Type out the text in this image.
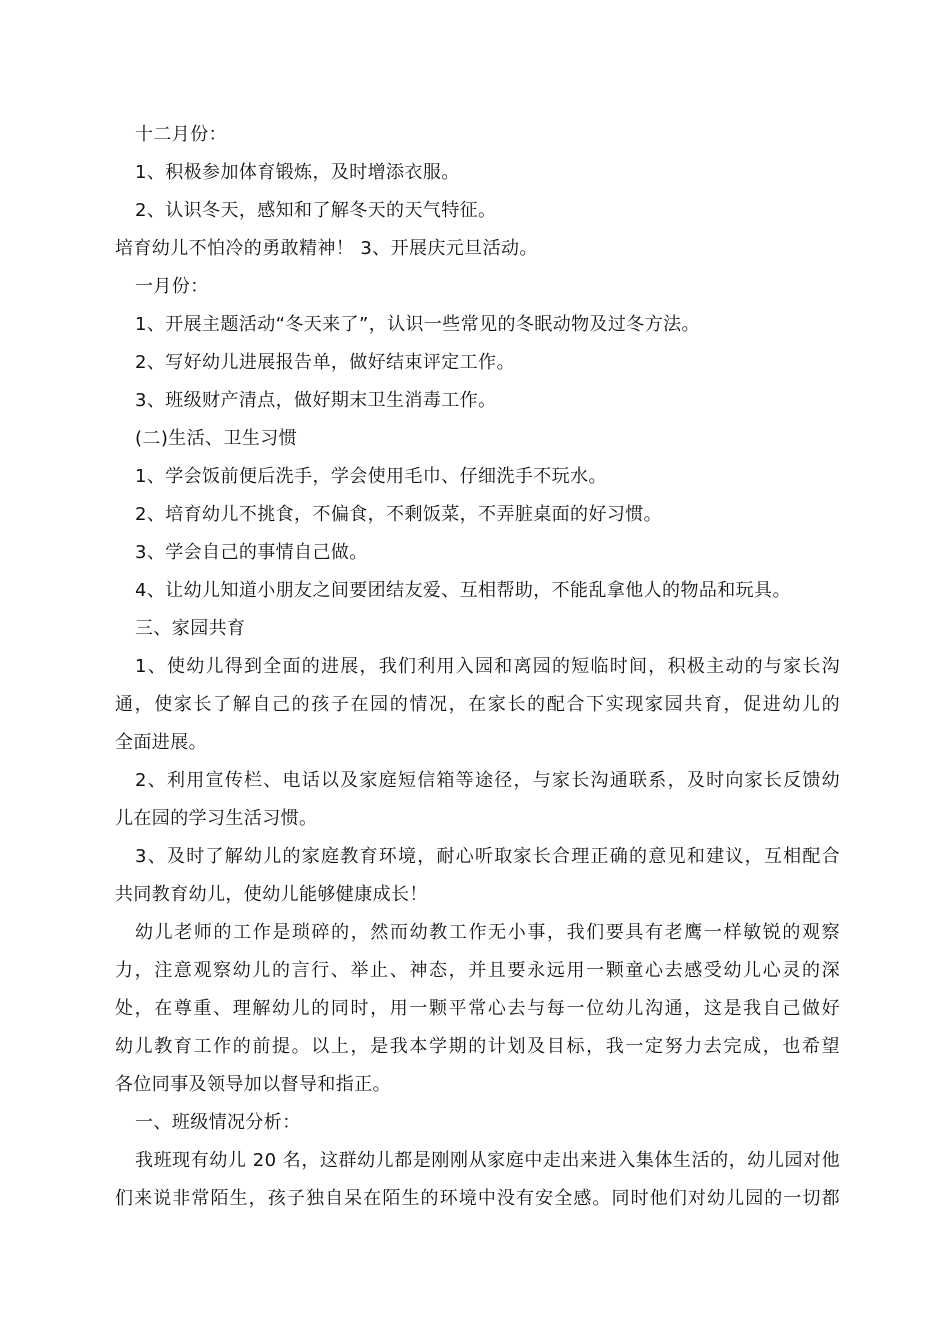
十二月份：
1、积极参加体育锻炼，及时增添衣服。
2、认识冬天，感知和了解冬天的天气特征。
培育幼儿不怕冷的勇敢精神！ 3、开展庆元旦活动。
一月份：
1、开展主题活动“冬天来了”，认识一些常见的冬眠动物及过冬方法。
2、写好幼儿进展报告单，做好结束评定工作。
3、班级财产清点，做好期末卫生消毒工作。
(二)生活、卫生习惯
1、学会饭前便后洗手，学会使用毛巾、仔细洗手不玩水。
2、培育幼儿不挑食，不偏食，不剩饭菜，不弄脏桌面的好习惯。
3、学会自己的事情自己做。
4、让幼儿知道小朋友之间要团结友爱、互相帮助，不能乱拿他人的物品和玩具。
三、家园共育
1、使幼儿得到全面的进展，我们利用入园和离园的短临时间，积极主动的与家长沟
通，使家长了解自己的孩子在园的情况，在家长的配合下实现家园共育，促进幼儿的
全面进展。
2、利用宣传栏、电话以及家庭短信箱等途径，与家长沟通联系，及时向家长反馈幼
儿在园的学习生活习惯。
3、及时了解幼儿的家庭教育环境，耐心听取家长合理正确的意见和建议，互相配合
共同教育幼儿，使幼儿能够健康成长！
幼儿老师的工作是琐碎的，然而幼教工作无小事，我们要具有老鹰一样敏锐的观察
力，注意观察幼儿的言行、举止、神态，并且要永远用一颗童心去感受幼儿心灵的深
处，在尊重、理解幼儿的同时，用一颗平常心去与每一位幼儿沟通，这是我自己做好
幼儿教育工作的前提。以上，是我本学期的计划及目标，我一定努力去完成，也希望
各位同事及领导加以督导和指正。
一、班级情况分析：
我班现有幼儿 20 名，这群幼儿都是刚刚从家庭中走出来进入集体生活的，幼儿园对他
们来说非常陌生，孩子独自呆在陌生的环境中没有安全感。同时他们对幼儿园的一切都
